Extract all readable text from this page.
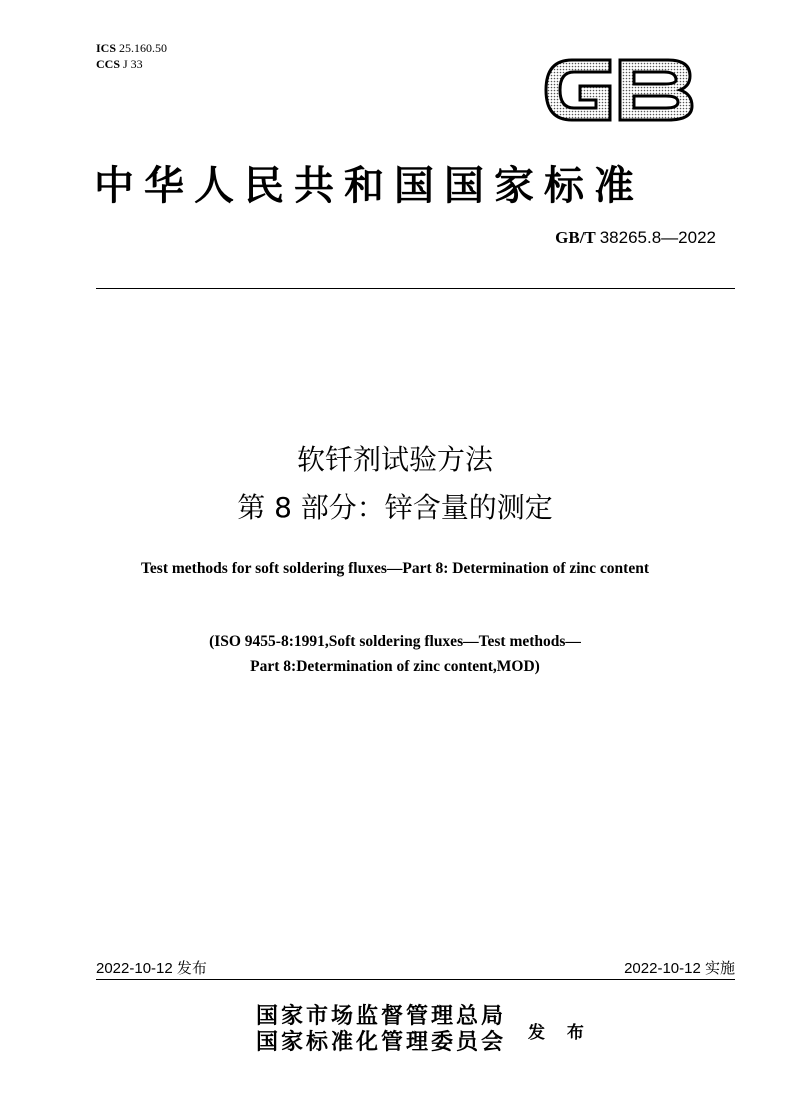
ICS 25.160.50
CCS J 33
中华人民共和国国家标准
GB/T 38265.8—2022
软钎剂试验方法
第 8 部分：锌含量的测定
Test methods for soft soldering fluxes—Part 8: Determination of zinc content
(ISO 9455-8:1991,Soft soldering fluxes—Test methods—
Part 8:Determination of zinc content,MOD)
2022-10-12 发布	2022-10-12 实施
国家市场监督管理总局
国家标准化管理委员会 发 布
